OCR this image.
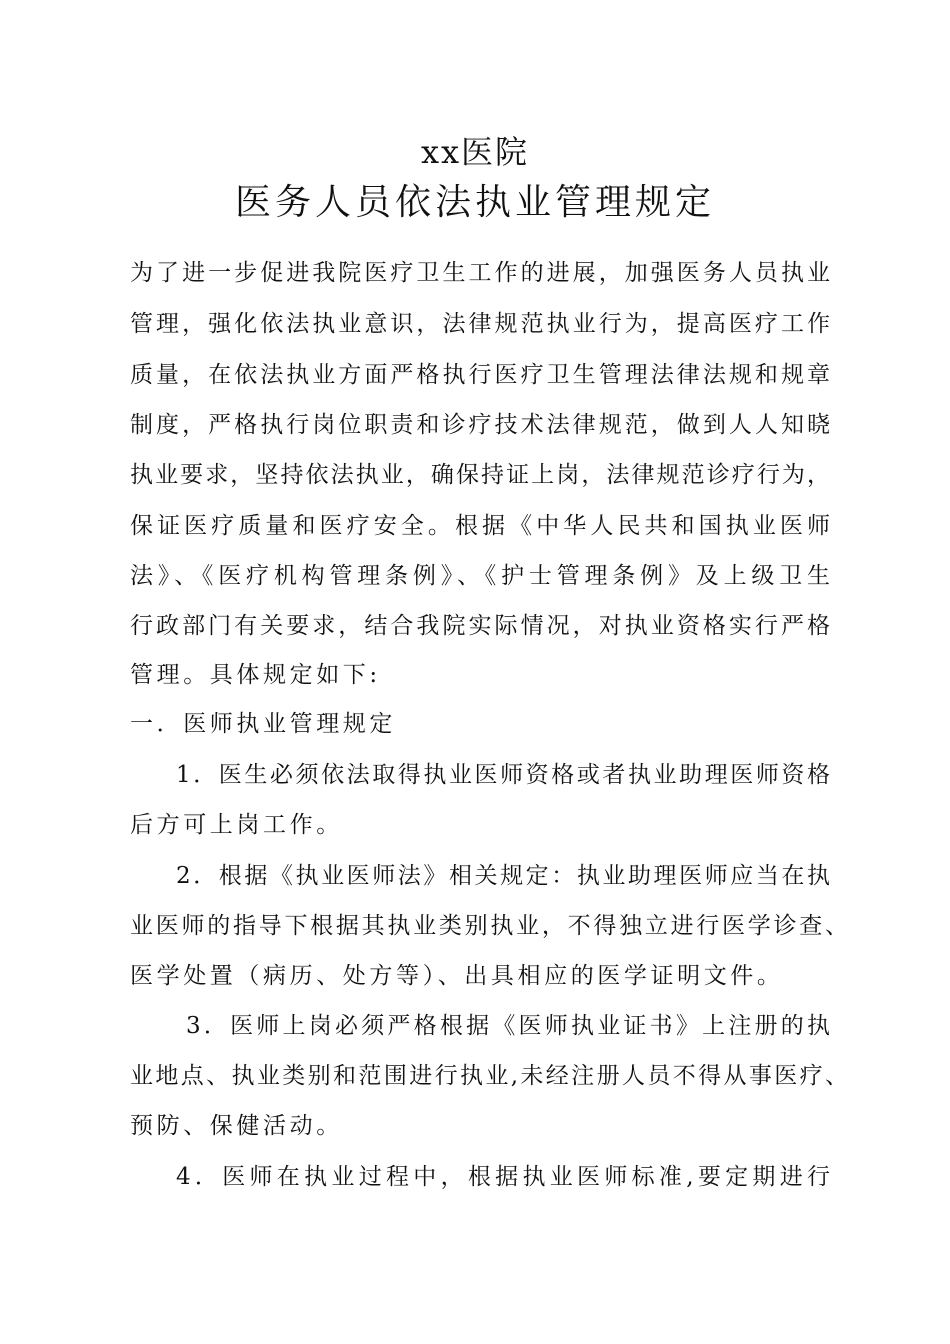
xx医院
医务人员依法执业管理规定
为了进一步促进我院医疗卫生工作的进展，加强医务人员执业
管理，强化依法执业意识，法律规范执业行为，提高医疗工作
质量，在依法执业方面严格执行医疗卫生管理法律法规和规章
制度，严格执行岗位职责和诊疗技术法律规范，做到人人知晓
执业要求，坚持依法执业，确保持证上岗，法律规范诊疗行为，
保证医疗质量和医疗安全。根据《中华人民共和国执业医师
法》、《医疗机构管理条例》、《护士管理条例》及上级卫生
行政部门有关要求，结合我院实际情况，对执业资格实行严格
管理。具体规定如下:
一．医师执业管理规定
1．医生必须依法取得执业医师资格或者执业助理医师资格
后方可上岗工作。
2．根据《执业医师法》相关规定：执业助理医师应当在执
业医师的指导下根据其执业类别执业，不得独立进行医学诊查、
医学处置（病历、处方等）、出具相应的医学证明文件。
3．医师上岗必须严格根据《医师执业证书》上注册的执
业地点、执业类别和范围进行执业,未经注册人员不得从事医疗、
预防、保健活动。
4．医师在执业过程中，根据执业医师标准,要定期进行
